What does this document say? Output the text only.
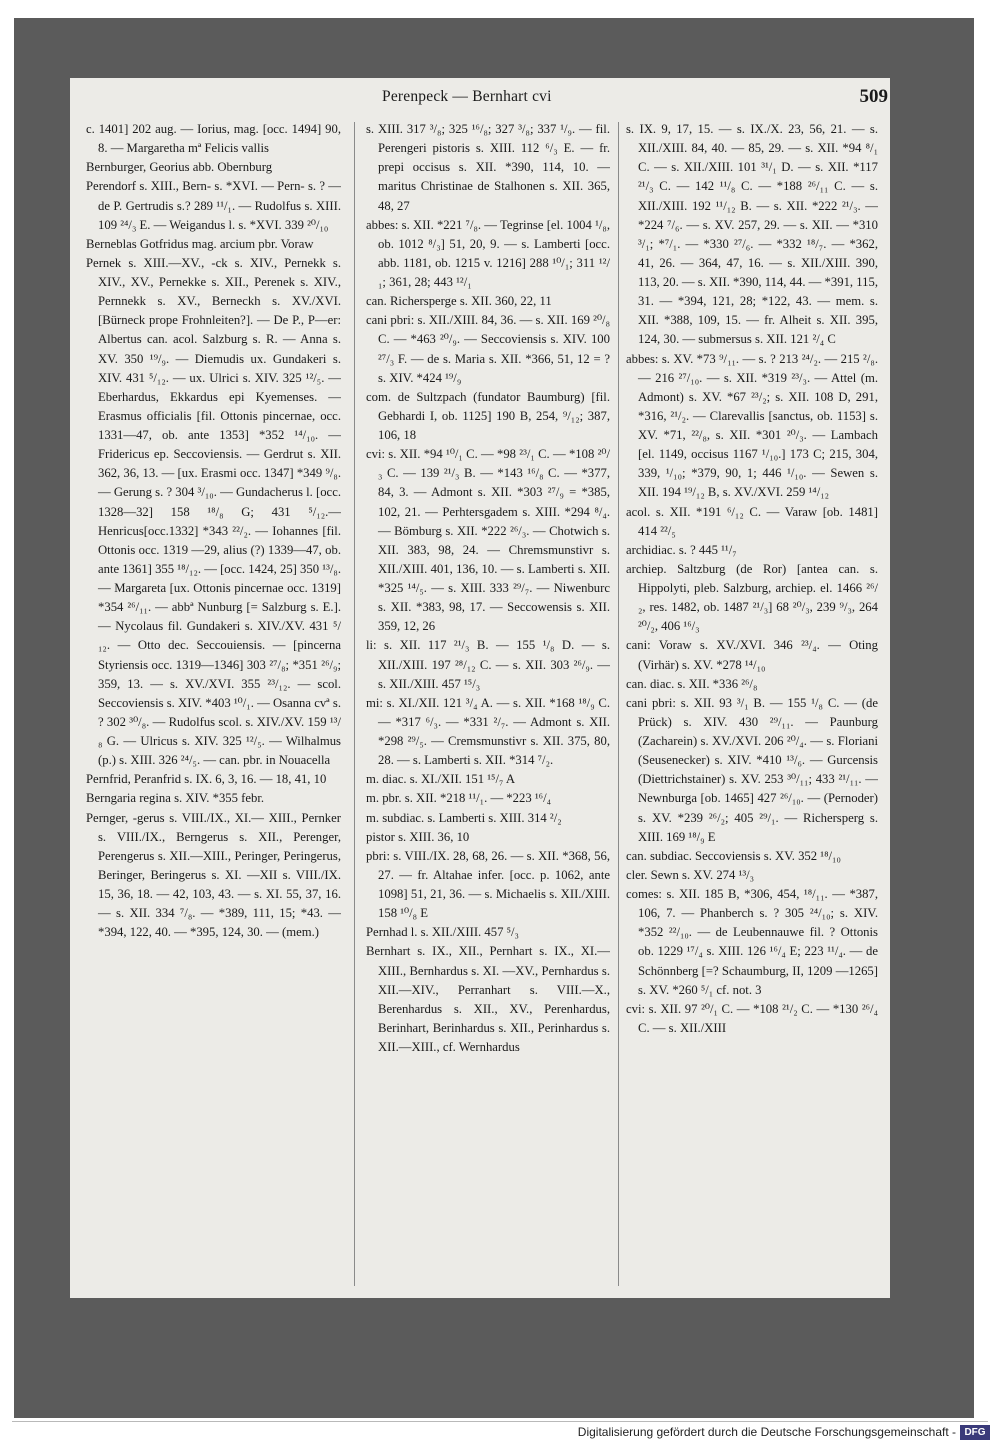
Perenpeck — Bernhart cvi	509

c. 1401] 202 aug. — Iorius, mag. [occ. 1494] 90, 8. — Margaretha mª Felicis vallis

Bernburger, Georius abb. Obernburg

Perendorf s. XIII., Bern- s. *XVI. — Pern- s. ? — de P. Gertrudis s.? 289 ¹¹/₁. — Rudolfus s. XIII. 109 ²⁴/₃ E. — Weigandus l. s. *XVI. 339 ²⁰/₁₀

Berneblas Gotfridus mag. arcium pbr. Voraw

Pernek s. XIII.—XV., -ck s. XIV., Pernekk s. XIV., XV., Pernekke s. XII., Perenek s. XIV., Pernnekk s. XV., Berneckh s. XV./XVI. [Bürneck prope Frohnleiten?]. — De P., P—er: Albertus can. acol. Salzburg s. R. — Anna s. XV. 350 ¹⁹/₉. — Diemudis ux. Gundakeri s. XIV. 431 ⁵/₁₂. — ux. Ulrici s. XIV. 325 ¹²/₅. — Eberhardus, Ekkardus epi Kyemenses. — Erasmus officialis [fil. Ottonis pincernae, occ. 1331—47, ob. ante 1353] *352 ¹⁴/₁₀. — Fridericus ep. Seccoviensis. — Gerdrut s. XII. 362, 36, 13. — [ux. Erasmi occ. 1347] *349 ⁹/₈. — Gerung s. ? 304 ³/₁₀. — Gundacherus l. [occ. 1328—32] 158 ¹⁸/₈ G; 431 ⁵/₁₂.—Henricus[occ.1332] *343 ²²/₂. — Iohannes [fil. Ottonis occ. 1319 —29, alius (?) 1339—47, ob. ante 1361] 355 ¹⁸/₁₂. — [occ. 1424, 25] 350 ¹³/₈. — Margareta [ux. Ottonis pincernae occ. 1319] *354 ²⁶/₁₁. — abbª Nunburg [= Salzburg s. E.]. — Nycolaus fil. Gundakeri s. XIV./XV. 431 ⁵/₁₂. — Otto dec. Seccouiensis. — [pincerna Styriensis occ. 1319—1346] 303 ²⁷/₈; *351 ²⁶/₉; 359, 13. — s. XV./XVI. 355 ²³/₁₂. — scol. Seccoviensis s. XIV. *403 ¹⁰/₁. — Osanna cvª s. ? 302 ³⁰/₈. — Rudolfus scol. s. XIV./XV. 159 ¹³/₈ G. — Ulricus s. XIV. 325 ¹²/₅. — Wilhalmus (p.) s. XIII. 326 ²⁴/₅. — can. pbr. in Nouacella

Pernfrid, Peranfrid s. IX. 6, 3, 16. — 18, 41, 10

Berngaria regina s. XIV. *355 febr.

Pernger, -gerus s. VIII./IX., XI.— XIII., Pernker s. VIII./IX., Berngerus s. XII., Perenger, Perengerus s. XII.—XIII., Peringer, Peringerus, Beringer, Beringerus s. XI. —XII s. VIII./IX. 15, 36, 18. — 42, 103, 43. — s. XI. 55, 37, 16. — s. XII. 334 ⁷/₈. — *389, 111, 15; *43. — *394, 122, 40. — *395, 124, 30. — (mem.)

s. XIII. 317 ³/₈; 325 ¹⁶/₈; 327 ³/₈; 337 ¹/₉. — fil. Perengeri pistoris s. XIII. 112 ⁶/₃ E. — fr. prepi occisus s. XII. *390, 114, 10. — maritus Christinae de Stalhonen s. XII. 365, 48, 27

abbes: s. XII. *221 ⁷/₈. — Tegrinse [el. 1004 ¹/₈, ob. 1012 ⁸/₃] 51, 20, 9. — s. Lamberti [occ. abb. 1181, ob. 1215 v. 1216] 288 ¹⁰/₁; 311 ¹²/₁; 361, 28; 443 ¹²/₁

can. Richersperge s. XII. 360, 22, 11

cani pbri: s. XII./XIII. 84, 36. — s. XII. 169 ²⁰/₈ C. — *463 ²⁰/₉. — Seccoviensis s. XIV. 100 ²⁷/₃ F. — de s. Maria s. XII. *366, 51, 12 = ? s. XIV. *424 ¹⁹/₉

com. de Sultzpach (fundator Baumburg) [fil. Gebhardi I, ob. 1125] 190 B, 254, ⁹/₁₂; 387, 106, 18

cvi: s. XII. *94 ¹⁰/₁ C. — *98 ²³/₁ C. — *108 ²⁰/₃ C. — 139 ²¹/₃ B. — *143 ¹⁶/₈ C. — *377, 84, 3. — Admont s. XII. *303 ²⁷/₉ = *385, 102, 21. — Perhtersgadem s. XIII. *294 ⁸/₄. — Bömburg s. XII. *222 ²⁶/₃. — Chotwich s. XII. 383, 98, 24. — Chremsmunstivr s. XII./XIII. 401, 136, 10. — s. Lamberti s. XII. *325 ¹⁴/₅. — s. XIII. 333 ²⁹/₇. — Niwenburc s. XII. *383, 98, 17. — Seccowensis s. XII. 359, 12, 26

li: s. XII. 117 ²¹/₃ B. — 155 ¹/₈ D. — s. XII./XIII. 197 ²⁸/₁₂ C. — s. XII. 303 ²⁶/₉. — s. XII./XIII. 457 ¹⁵/₃

mi: s. XI./XII. 121 ³/₄ A. — s. XII. *168 ¹⁸/₉ C. — *317 ⁶/₃. — *331 ²/₇. — Admont s. XII. *298 ²⁹/₅. — Cremsmunstivr s. XII. 375, 80, 28. — s. Lamberti s. XII. *314 ⁷/₂.

m. diac. s. XI./XII. 151 ¹⁵/₇ A

m. pbr. s. XII. *218 ¹¹/₁. — *223 ¹⁶/₄

m. subdiac. s. Lamberti s. XIII. 314 ²/₂

pistor s. XIII. 36, 10

pbri: s. VIII./IX. 28, 68, 26. — s. XII. *368, 56, 27. — fr. Altahae infer. [occ. p. 1062, ante 1098] 51, 21, 36. — s. Michaelis s. XII./XIII. 158 ¹⁰/₈ E

Pernhad l. s. XII./XIII. 457 ⁵/₃

Bernhart s. IX., XII., Pernhart s. IX., XI.—XIII., Bernhardus s. XI. —XV., Pernhardus s. XII.—XIV., Perranhart s. VIII.—X., Berenhardus s. XII., XV., Perenhardus, Berinhart, Berinhardus s. XII., Perinhardus s. XII.—XIII., cf. Wernhardus

s. IX. 9, 17, 15. — s. IX./X. 23, 56, 21. — s. XII./XIII. 84, 40. — 85, 29. — s. XII. *94 ⁸/₁ C. — s. XII./XIII. 101 ³¹/₁ D. — s. XII. *117 ²¹/₃ C. — 142 ¹¹/₈ C. — *188 ²⁶/₁₁ C. — s. XII./XIII. 192 ¹¹/₁₂ B. — s. XII. *222 ²¹/₃. — *224 ⁷/₆. — s. XV. 257, 29. — s. XII. — *310 ³/₁; *⁷/₁. — *330 ²⁷/₆. — *332 ¹⁸/₇. — *362, 41, 26. — 364, 47, 16. — s. XII./XIII. 390, 113, 20. — s. XII. *390, 114, 44. — *391, 115, 31. — *394, 121, 28; *122, 43. — mem. s. XII. *388, 109, 15. — fr. Alheit s. XII. 395, 124, 30. — submersus s. XII. 121 ²/₄ C

abbes: s. XV. *73 ⁹/₁₁. — s. ? 213 ²⁴/₂. — 215 ²/₈. — 216 ²⁷/₁₀. — s. XII. *319 ²³/₃. — Attel (m. Admont) s. XV. *67 ²³/₂; s. XII. 108 D, 291, *316, ²¹/₂. — Clarevallis [sanctus, ob. 1153] s. XV. *71, ²²/₈, s. XII. *301 ²⁰/₃. — Lambach [el. 1149, occisus 1167 ¹/₁₀.] 173 C; 215, 304, 339, ¹/₁₀; *379, 90, 1; 446 ¹/₁₀. — Sewen s. XII. 194 ¹⁹/₁₂ B, s. XV./XVI. 259 ¹⁴/₁₂

acol. s. XII. *191 ⁶/₁₂ C. — Varaw [ob. 1481] 414 ²²/₅

archidiac. s. ? 445 ¹¹/₇

archiep. Saltzburg (de Ror) [antea can. s. Hippolyti, pleb. Salzburg, archiep. el. 1466 ²⁶/₂, res. 1482, ob. 1487 ²¹/₃] 68 ²⁰/₃, 239 ⁹/₃, 264 ²⁰/₂, 406 ¹⁶/₃

cani: Voraw s. XV./XVI. 346 ²³/₄. — Oting (Virhär) s. XV. *278 ¹⁴/₁₀

can. diac. s. XII. *336 ²⁶/₈

cani pbri: s. XII. 93 ³/₁ B. — 155 ¹/₈ C. — (de Prück) s. XIV. 430 ²⁹/₁₁. — Paunburg (Zacharein) s. XV./XVI. 206 ²⁰/₄. — s. Floriani (Seusenecker) s. XIV. *410 ¹³/₆. — Gurcensis (Diettrichstainer) s. XV. 253 ³⁰/₁₁; 433 ²¹/₁₁. — Newnburga [ob. 1465] 427 ²⁶/₁₀. — (Pernoder) s. XV. *239 ²⁶/₂; 405 ²⁹/₁. — Richersperg s. XIII. 169 ¹⁸/₉ E

can. subdiac. Seccoviensis s. XV. 352 ¹⁸/₁₀

cler. Sewn s. XV. 274 ¹³/₃

comes: s. XII. 185 B, *306, 454, ¹⁸/₁₁. — *387, 106, 7. — Phanberch s. ? 305 ²⁴/₁₀; s. XIV. *352 ²²/₁₀. — de Leubennauwe fil. ? Ottonis ob. 1229 ¹⁷/₄ s. XIII. 126 ¹⁶/₄ E; 223 ¹¹/₄. — de Schönnberg [=? Schaumburg, II, 1209 —1265] s. XV. *260 ⁵/₁ cf. not. 3

cvi: s. XII. 97 ²⁰/₁ C. — *108 ²¹/₂ C. — *130 ²⁶/₄ C. — s. XII./XIII

Digitalisierung gefördert durch die Deutsche Forschungsgemeinschaft - DFG
